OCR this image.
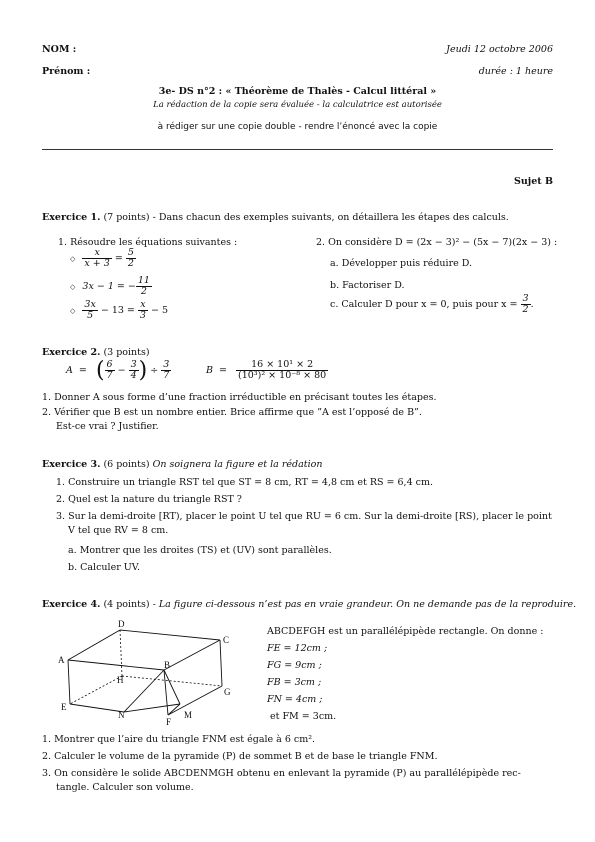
NOM :	Jeudi 12 octobre 2006
Prénom :	durée : 1 heure
3e- DS n°2 : « Théorème de Thalès - Calcul littéral »
La rédaction de la copie sera évaluée - la calculatrice est autorisée
à rédiger sur une copie double - rendre l’énoncé avec la copie
Sujet B
Exercice 1. (7 points) - Dans chacun des exemples suivants, on détaillera les étapes des calculs.
1. Résoudre les équations suivantes :
◇ $\frac{x}{x + 3} = \frac{5}{2}$
◇ 3x − 1 = − $\frac{11}{2}$
◇ $\frac{3x}{5} - 13 = \frac{x}{3} - 5$
2. On considère D = (2x − 3)² − (5x − 7)(2x − 3) :
a. Développer puis réduire D.
b. Factoriser D.
c. Calculer D pour x = 0, puis pour $x = \frac{3}{2}$ .
Exercice 2. (3 points)
A  =   ( $\frac{6}{7} - \frac{3}{4}$ ) ÷ $\frac{3}{7}$	$B = \frac{\text{16 × 10¹ × 2}}{\text{(10³)² × 10⁻⁸ × 80}}$
1. Donner A sous forme d’une fraction irréductible en précisant toutes les étapes.
2. Vérifier que B est un nombre entier. Brice affirme que ”A est l’opposé de B”.
Est-ce vrai ? Justifier.
Exercice 3. (6 points) On soignera la figure et la rédation
1. Construire un triangle RST tel que ST = 8 cm, RT = 4,8 cm et RS = 6,4 cm.
2. Quel est la nature du triangle RST ?
3. Sur la demi-droite [RT), placer le point U tel que RU = 6 cm. Sur la demi-droite [RS), placer le point
V tel que RV = 8 cm.
a. Montrer que les droites (TS) et (UV) sont parallèles.
b. Calculer UV.
Exercice 4. (4 points) - La figure ci-dessous n’est pas en vraie grandeur. On ne demande pas de la reproduire.
A	B
C
D
E
F
G
H
M
N
ABCDEFGH est un parallélépipède rectangle. On donne :
FE = 12cm ;
FG = 9cm ;
FB = 3cm ;
FN = 4cm ;
et FM = 3cm.
1. Montrer que l’aire du triangle FNM est égale à 6 cm².
2. Calculer le volume de la pyramide (P) de sommet B et de base le triangle FNM.
3. On considère le solide ABCDENMGH obtenu en enlevant la pyramide (P) au parallélépipède rec-
tangle. Calculer son volume.
